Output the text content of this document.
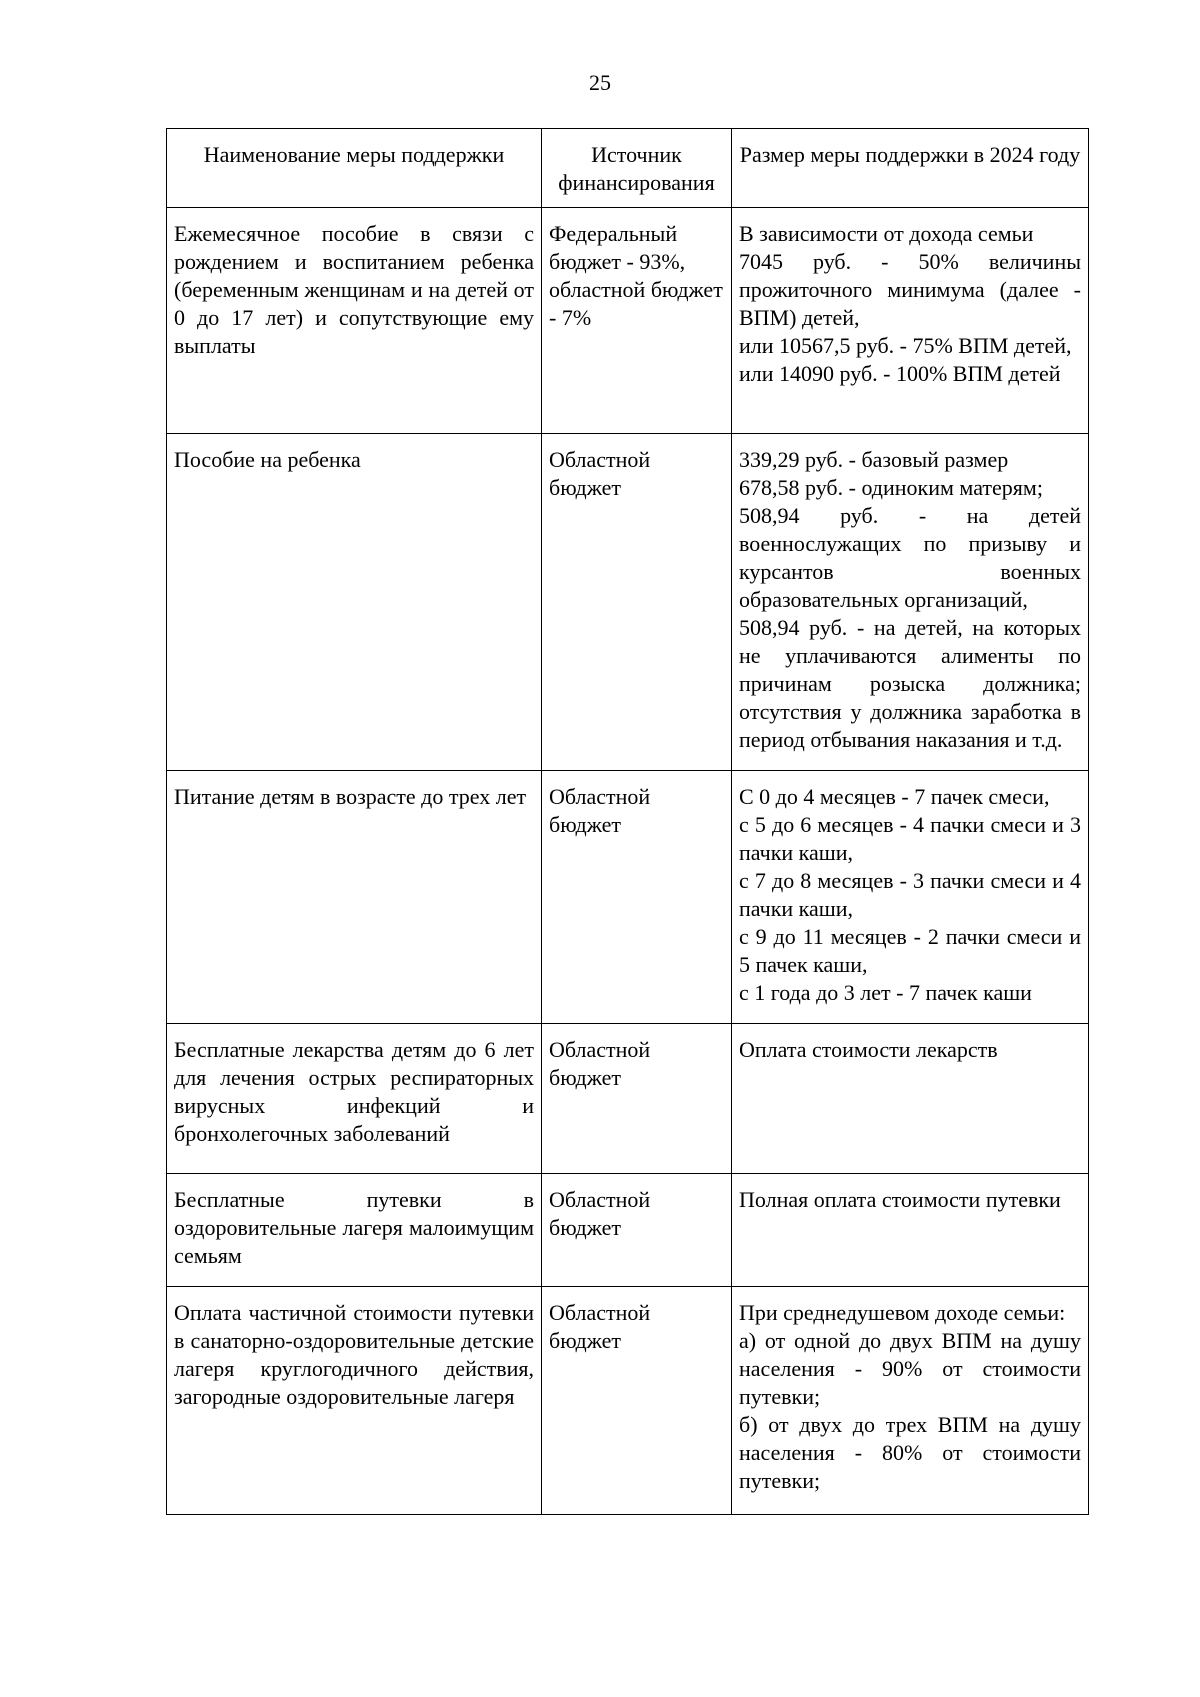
25
Наименование меры поддержки	Источник финансирования	Размер меры поддержки в 2024 году
Ежемесячное пособие в связи с рождением и воспитанием ребенка (беременным женщинам и на детей от 0 до 17 лет) и сопутствующие ему выплаты	Федеральный бюджет - 93%, областной бюджет - 7%	В зависимости от дохода семьи
7045 руб. - 50% величины прожиточного минимума (далее - ВПМ) детей,
или 10567,5 руб. - 75% ВПМ детей,
или 14090 руб. - 100% ВПМ детей

Пособие на ребенка	Областной бюджет	339,29 руб. - базовый размер
678,58 руб. - одиноким матерям;
508,94 руб. - на детей военнослужащих по призыву и курсантов военных образовательных организаций,
508,94 руб. - на детей, на которых не уплачиваются алименты по причинам розыска должника; отсутствия у должника заработка в период отбывания наказания и т.д.

Питание детям в возрасте до трех лет	Областной бюджет	С 0 до 4 месяцев - 7 пачек смеси,
с 5 до 6 месяцев - 4 пачки смеси и 3 пачки каши,
с 7 до 8 месяцев - 3 пачки смеси и 4 пачки каши,
с 9 до 11 месяцев - 2 пачки смеси и 5 пачек каши,
с 1 года до 3 лет - 7 пачек каши

Бесплатные лекарства детям до 6 лет для лечения острых респираторных вирусных инфекций и бронхолегочных заболеваний	Областной бюджет	Оплата стоимости лекарств

Бесплатные путевки в оздоровительные лагеря малоимущим семьям	Областной бюджет	Полная оплата стоимости путевки

Оплата частичной стоимости путевки в санаторно-оздоровительные детские лагеря круглогодичного действия, загородные оздоровительные лагеря	Областной бюджет	При среднедушевом доходе семьи:
а) от одной до двух ВПМ на душу населения - 90% от стоимости путевки;
б) от двух до трех ВПМ на душу населения - 80% от стоимости путевки;
